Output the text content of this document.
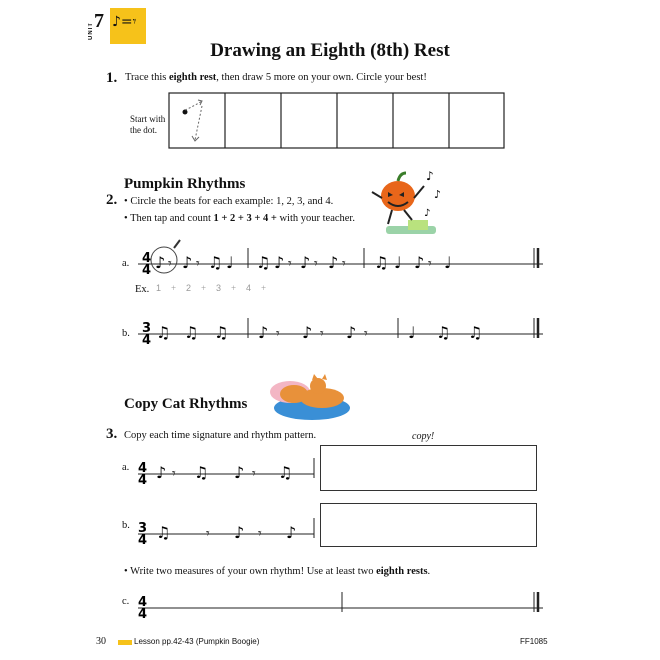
7
UNIT ♪=𝄾
Drawing an Eighth (8th) Rest
1. Trace this eighth rest, then draw 5 more on your own. Circle your best!
Start with
the dot.
Pumpkin Rhythms
2. • Circle the beats for each example: 1, 2, 3, and 4.
• Then tap and count 1 + 2 + 3 + 4 + with your teacher.
♪
♪
♪
4
4 ♪ 𝄾 ♪ 𝄾 ♫ ♩ ♫ ♪ 𝄾 ♪ 𝄾 ♪ 𝄾 ♫ ♩ ♪ 𝄾 ♩
a.
Ex. 1 + 2 + 3 + 4 +
3
4 ♫ ♫ ♫ ♪ 𝄾 ♪ 𝄾 ♪ 𝄾	♩ ♫ ♫
b.
Copy Cat Rhythms
3. Copy each time signature and rhythm pattern.	copy!
4
4 ♪ 𝄾 ♫ ♪ 𝄾 ♫
a.
3
4 ♫	𝄾 ♪ 𝄾 ♪
b.
• Write two measures of your own rhythm! Use at least two eighth rests.
4
4
c.
30	Lesson pp.42-43 (Pumpkin Boogie)	FF1085
